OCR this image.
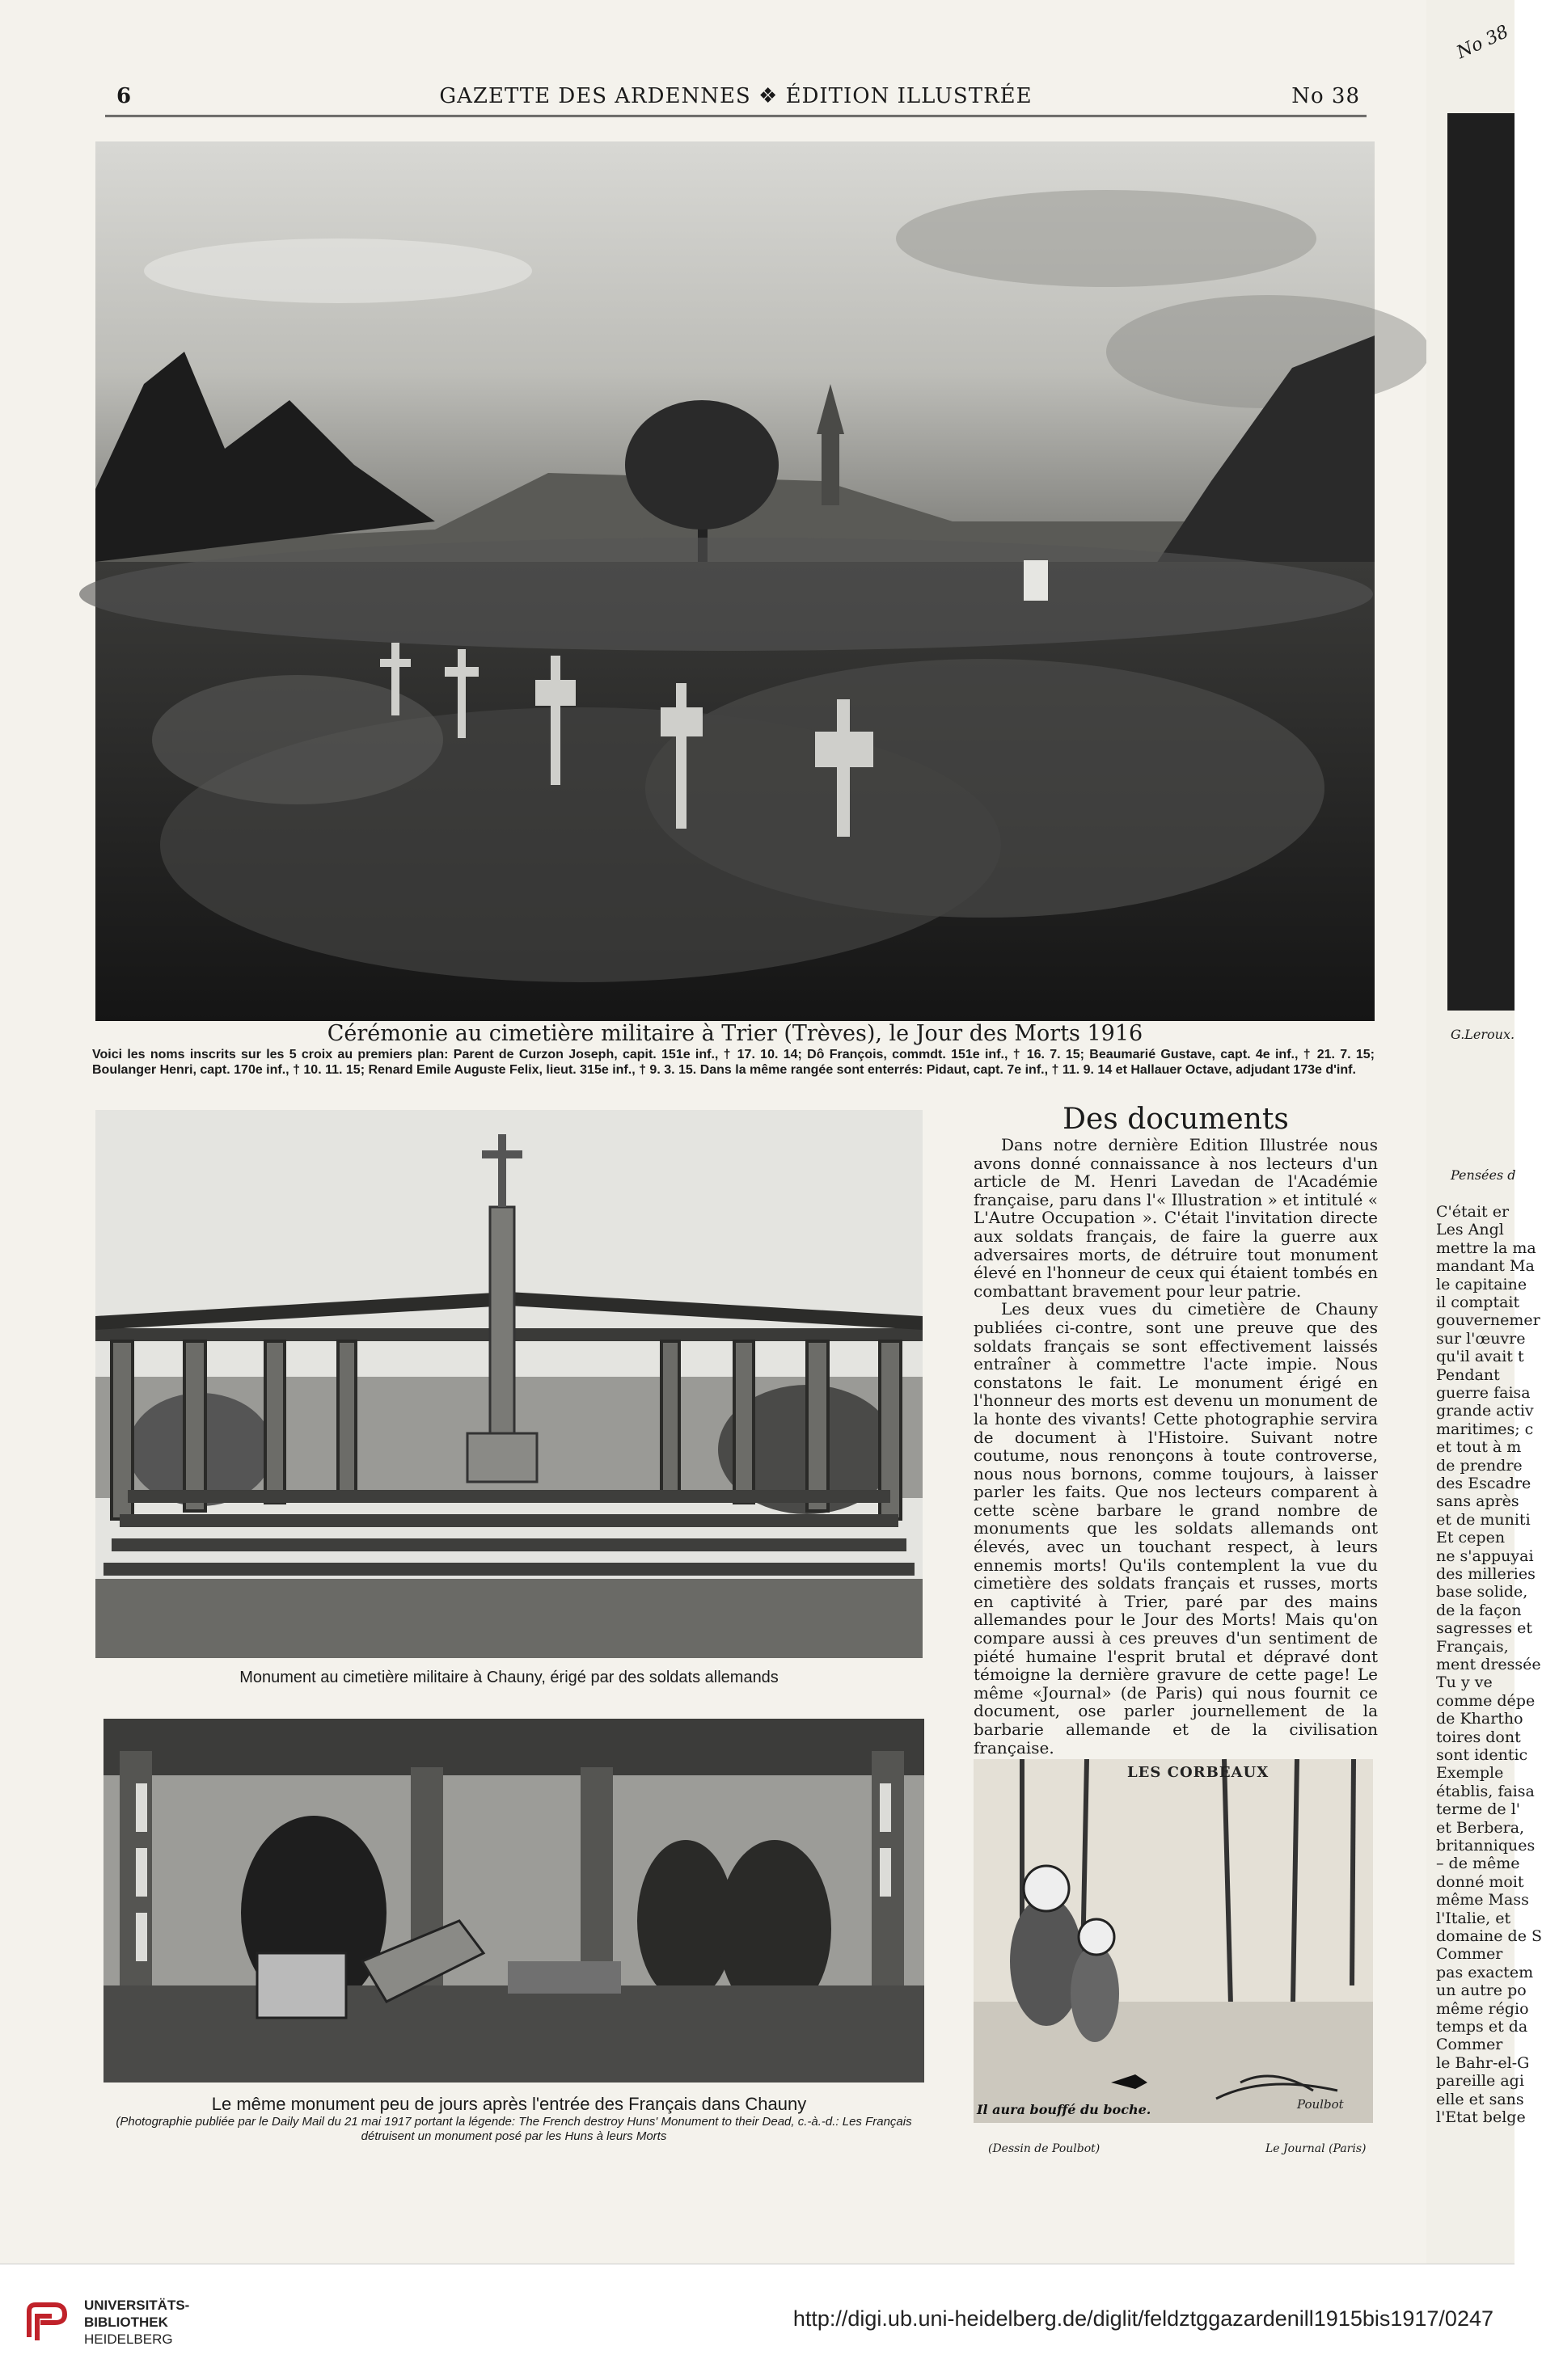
6	GAZETTE DES ARDENNES ❖ ÉDITION ILLUSTRÉE	No 38
Cérémonie au cimetière militaire à Trier (Trèves), le Jour des Morts 1916
Voici les noms inscrits sur les 5 croix au premiers plan: Parent de Curzon Joseph, capit. 151e inf., † 17. 10. 14; Dô François, commdt. 151e inf., † 16. 7. 15; Beaumarié Gustave, capt. 4e inf., † 21. 7. 15; Boulanger Henri, capt. 170e inf., † 10. 11. 15; Renard Emile Auguste Felix, lieut. 315e inf., † 9. 3. 15. Dans la même rangée sont enterrés: Pidaut, capt. 7e inf., † 11. 9. 14 et Hallauer Octave, adjudant 173e d'inf.
Monument au cimetière militaire à Chauny, érigé par des soldats allemands
Le même monument peu de jours après l'entrée des Français dans Chauny
(Photographie publiée par le Daily Mail du 21 mai 1917 portant la légende: The French destroy Huns' Monument to their Dead, c.-à.-d.: Les Français détruisent un monument posé par les Huns à leurs Morts
Des documents

Dans notre dernière Edition Illustrée nous avons donné connaissance à nos lecteurs d'un article de M. Henri Lavedan de l'Académie française, paru dans l'« Illustration » et intitulé « L'Autre Occupation ». C'était l'invitation directe aux soldats français, de faire la guerre aux adversaires morts, de détruire tout monument élevé en l'honneur de ceux qui étaient tombés en combattant bravement pour leur patrie.

Les deux vues du cimetière de Chauny publiées ci-contre, sont une preuve que des soldats français se sont effectivement laissés entraîner à commettre l'acte impie. Nous constatons le fait. Le monument érigé en l'honneur des morts est devenu un monument de la honte des vivants! Cette photographie servira de document à l'Histoire. Suivant notre coutume, nous renonçons à toute controverse, nous nous bornons, comme toujours, à laisser parler les faits. Que nos lecteurs comparent à cette scène barbare le grand nombre de monuments que les soldats allemands ont élevés, avec un touchant respect, à leurs ennemis morts! Qu'ils contemplent la vue du cimetière des soldats français et russes, morts en captivité à Trier, paré par des mains allemandes pour le Jour des Morts! Mais qu'on compare aussi à ces preuves d'un sentiment de piété humaine l'esprit brutal et dépravé dont témoigne la dernière gravure de cette page! Le même «Journal» (de Paris) qui nous fournit ce document, ose parler journellement de la barbarie allemande et de la civilisation française.

LES CORBEAUX
Il aura bouffé du boche.	Poulbot
(Dessin de Poulbot)	Le Journal (Paris)
G.Leroux.
Pensées d
C'était er
Les Angl
mettre la ma
mandant Ma
le capitaine
il comptait
gouvernemer
sur l'œuvre
qu'il avait t
Pendant
guerre faisa
grande activ
maritimes; c
et tout à m
de prendre
des Escadre
sans après
et de muniti
Et cepen
ne s'appuyai
des milleries
base solide,
de la façon
sagresses et
Français,
ment dressée
Tu y ve
comme dépe
de Khartho
toires dont
sont identic
Exemple
établis, faisa
terme de l'
et Berbera,
britanniques
– de même
donné moit
même Mass
l'Italie, et
domaine de S
Commer
pas exactem
un autre po
même régio
temps et da
Commer
le Bahr-el-G
pareille agi
elle et sans
l'Etat belge
No 38
UNIVERSITÄTS-
BIBLIOTHEK
HEIDELBERG
http://digi.ub.uni-heidelberg.de/diglit/feldztggazardenill1915bis1917/0247
